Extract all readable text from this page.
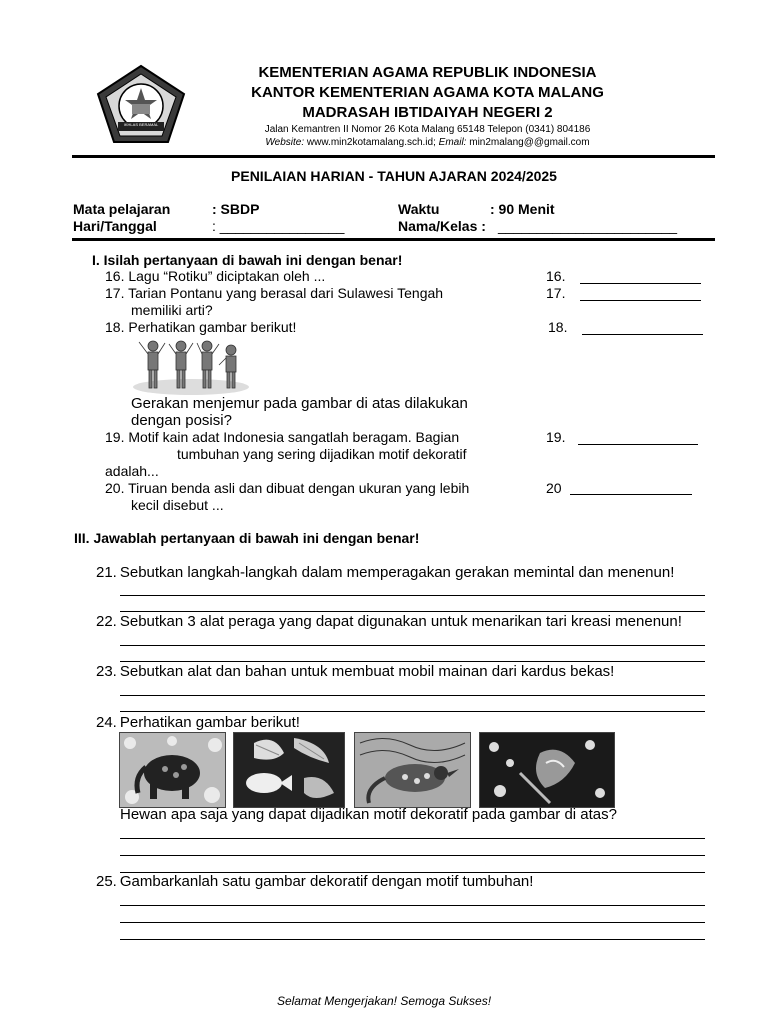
IKHLAS BERAMAL
KEMENTERIAN AGAMA REPUBLIK INDONESIA
KANTOR KEMENTERIAN AGAMA KOTA MALANG
MADRASAH IBTIDAIYAH NEGERI 2
Jalan Kemantren II Nomor 26 Kota Malang 65148 Telepon (0341) 804186
Website: www.min2kotamalang.sch.id; Email: min2malang@@gmail.com
PENILAIAN HARIAN - TAHUN AJARAN 2024/2025
Mata pelajaran	: SBDP	Waktu	: 90 Menit
Hari/Tanggal	: ________________	Nama/Kelas : _______________________
I. Isilah pertanyaan di bawah ini dengan benar!
16. Lagu “Rotiku” diciptakan oleh ...	16.
17. Tarian Pontanu yang berasal dari Sulawesi Tengah
memiliki arti?
17.
18. Perhatikan gambar berikut!	18.
Gerakan menjemur pada gambar di atas dilakukan
dengan posisi?
19. Motif kain adat Indonesia sangatlah beragam. Bagian
tumbuhan yang sering dijadikan motif dekoratif
adalah...
19.
20. Tiruan benda asli dan dibuat dengan ukuran yang lebih
kecil disebut ...
20
III. Jawablah pertanyaan di bawah ini dengan benar!
21. Sebutkan langkah-langkah dalam memperagakan gerakan memintal dan menenun!
22. Sebutkan 3 alat peraga yang dapat digunakan untuk menarikan tari kreasi menenun!
23. Sebutkan alat dan bahan untuk membuat mobil mainan dari kardus bekas!
24. Perhatikan gambar berikut!
Hewan apa saja yang dapat dijadikan motif dekoratif pada gambar di atas?
25. Gambarkanlah satu gambar dekoratif dengan motif tumbuhan!
Selamat Mengerjakan! Semoga Sukses!
